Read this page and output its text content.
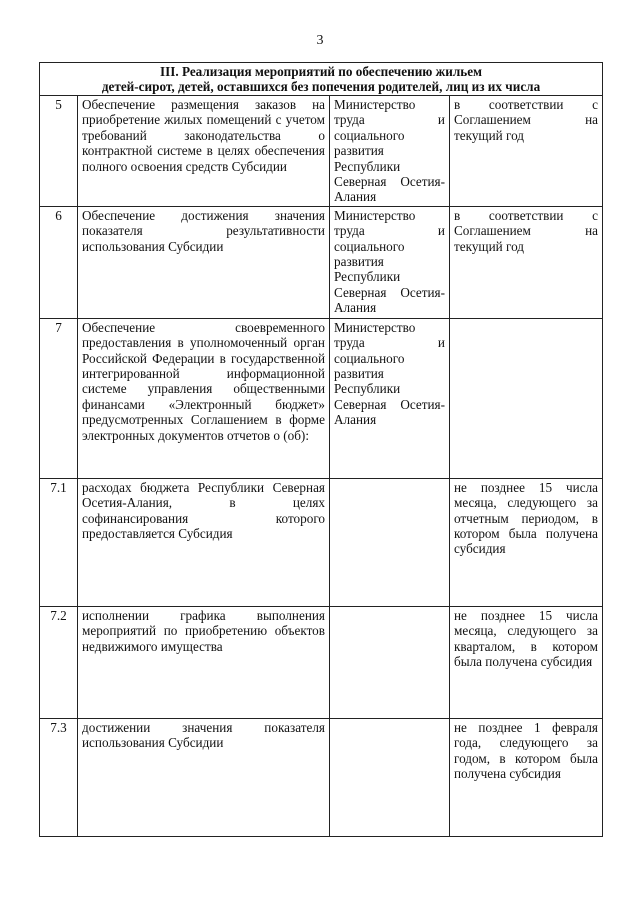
3
III. Реализация мероприятий по обеспечению жильем
детей-сирот, детей, оставшихся без попечения родителей, лиц из их числа			

5	Обеспечение размещения заказов на приобретение жилых помещений с учетом требований законодательства о контрактной системе в целях обеспечения полного освоения средств Субсидии	Министерство труда и социального развития Республики Северная Осетия-Алания	в соответствии с Соглашением на текущий год
6	Обеспечение достижения значения показателя результативности использования Субсидии	Министерство труда и социального развития Республики Северная Осетия-Алания	в соответствии с Соглашением на текущий год
7	Обеспечение своевременного предоставления в уполномоченный орган Российской Федерации в государственной интегрированной информационной системе управления общественными финансами «Электронный бюджет» предусмотренных Соглашением в форме электронных документов отчетов о (об):	Министерство труда и социального развития Республики Северная Осетия-Алания	
7.1	расходах бюджета Республики Северная Осетия-Алания, в целях софинансирования которого предоставляется Субсидия		не позднее 15 числа месяца, следующего за отчетным периодом, в котором была получена субсидия
7.2	исполнении графика выполнения мероприятий по приобретению объектов недвижимого имущества		не позднее 15 числа месяца, следующего за кварталом, в котором была получена субсидия
7.3	достижении значения показателя использования Субсидии		не позднее 1 февраля года, следующего за годом, в котором была получена субсидия
